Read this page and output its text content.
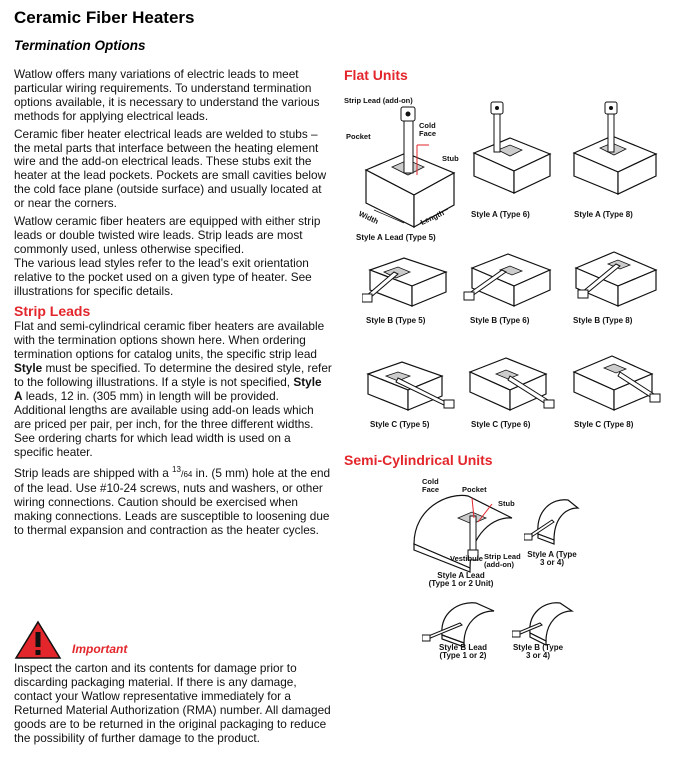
Ceramic Fiber Heaters
Termination Options

Watlow offers many variations of electric leads to meet particular wiring requirements. To understand termination options available, it is necessary to understand the various methods for applying electrical leads.

Ceramic fiber heater electrical leads are welded to stubs – the metal parts that interface between the heating element wire and the add-on electrical leads. These stubs exit the heater at the lead pockets. Pockets are small cavities below the cold face plane (outside surface) and usually located at or near the corners.

Watlow ceramic fiber heaters are equipped with either strip leads or double twisted wire leads. Strip leads are most commonly used, unless otherwise specified.

The various lead styles refer to the lead’s exit orientation relative to the pocket used on a given type of heater. See illustrations for specific details.

Strip Leads

Flat and semi-cylindrical ceramic fiber heaters are available with the termination options shown here. When ordering termination options for catalog units, the specific strip lead Style must be specified. To determine the desired style, refer to the following illustrations. If a style is not specified, Style A leads, 12 in. (305 mm) in length will be provided. Additional lengths are available using add-on leads which are priced per pair, per inch, for the three different widths. See ordering charts for which lead width is used on a specific heater.

Strip leads are shipped with a $^{13}$/64 in. (5 mm) hole at the end of the lead. Use #10-24 screws, nuts and washers, or other wiring connections. Caution should be exercised when making connections. Leads are susceptible to loosening due to thermal expansion and contraction as the heater cycles.

Important
Inspect the carton and its contents for damage prior to discarding packaging material. If there is any damage, contact your Watlow representative immediately for a Returned Material Authorization (RMA) number. All damaged goods are to be returned in the original packaging to reduce the possibility of further damage to the product.
Flat Units
Strip Lead (add-on)
Pocket
Cold Face
Stub
Width	Length
Style A Lead (Type 5)
Style A (Type 6)	Style A (Type 8)
Style B (Type 5)	Style B (Type 6)	Style B (Type 8)
Style C (Type 5)	Style C (Type 6)	Style C (Type 8)
Semi-Cylindrical Units
Cold Face	Pocket
Stub
Vestibule Strip Lead (add-on)
Style A Lead (Type 1 or 2 Unit)
Style A (Type 3 or 4)
Style B Lead (Type 1 or 2)
Style B (Type 3 or 4)
